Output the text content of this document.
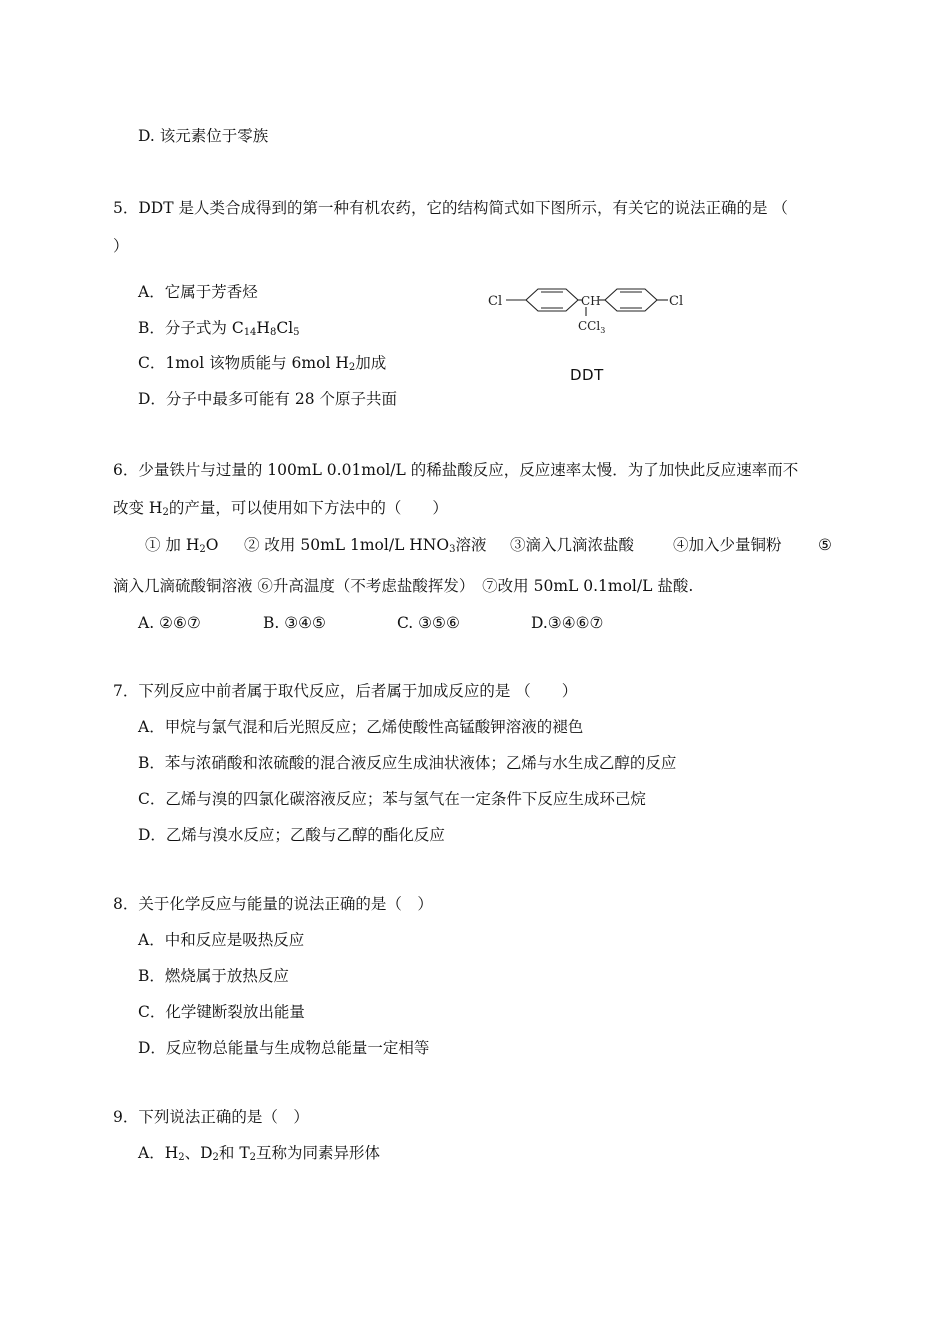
D. 该元素位于零族
5．DDT 是人类合成得到的第一种有机农药，它的结构简式如下图所示，有关它的说法正确的是 （
）
A．它属于芳香烃
B．分子式为 $C_{14}H_8Cl_5$
C．1mol 该物质能与 6mol $H_2$加成
D．分子中最多可能有 28 个原子共面
Cl	Cl
CH
CCl$_3$
DDT
6．少量铁片与过量的 100mL 0.01mol/L 的稀盐酸反应，反应速率太慢．为了加快此反应速率而不
改变 $H_2$的产量，可以使用如下方法中的（　　）
① 加 $H_2O$ ② 改用 50mL 1mol/L $HNO_3$溶液 ③滴入几滴浓盐酸	④加入少量铜粉 ⑤
滴入几滴硫酸铜溶液 ⑥升高温度（不考虑盐酸挥发）　⑦改用 50mL 0.1mol/L 盐酸.
A. ②⑥⑦	B. ③④⑤	C. ③⑤⑥	D.③④⑥⑦
7．下列反应中前者属于取代反应，后者属于加成反应的是 （　　）
A．甲烷与氯气混和后光照反应；乙烯使酸性高锰酸钾溶液的褪色
B．苯与浓硝酸和浓硫酸的混合液反应生成油状液体；乙烯与水生成乙醇的反应
C．乙烯与溴的四氯化碳溶液反应；苯与氢气在一定条件下反应生成环己烷
D．乙烯与溴水反应；乙酸与乙醇的酯化反应
8．关于化学反应与能量的说法正确的是（　）
A．中和反应是吸热反应
B．燃烧属于放热反应
C．化学键断裂放出能量
D．反应物总能量与生成物总能量一定相等
9．下列说法正确的是（　）
A．$H_2$、$D_2$和 $T_2$互称为同素异形体
